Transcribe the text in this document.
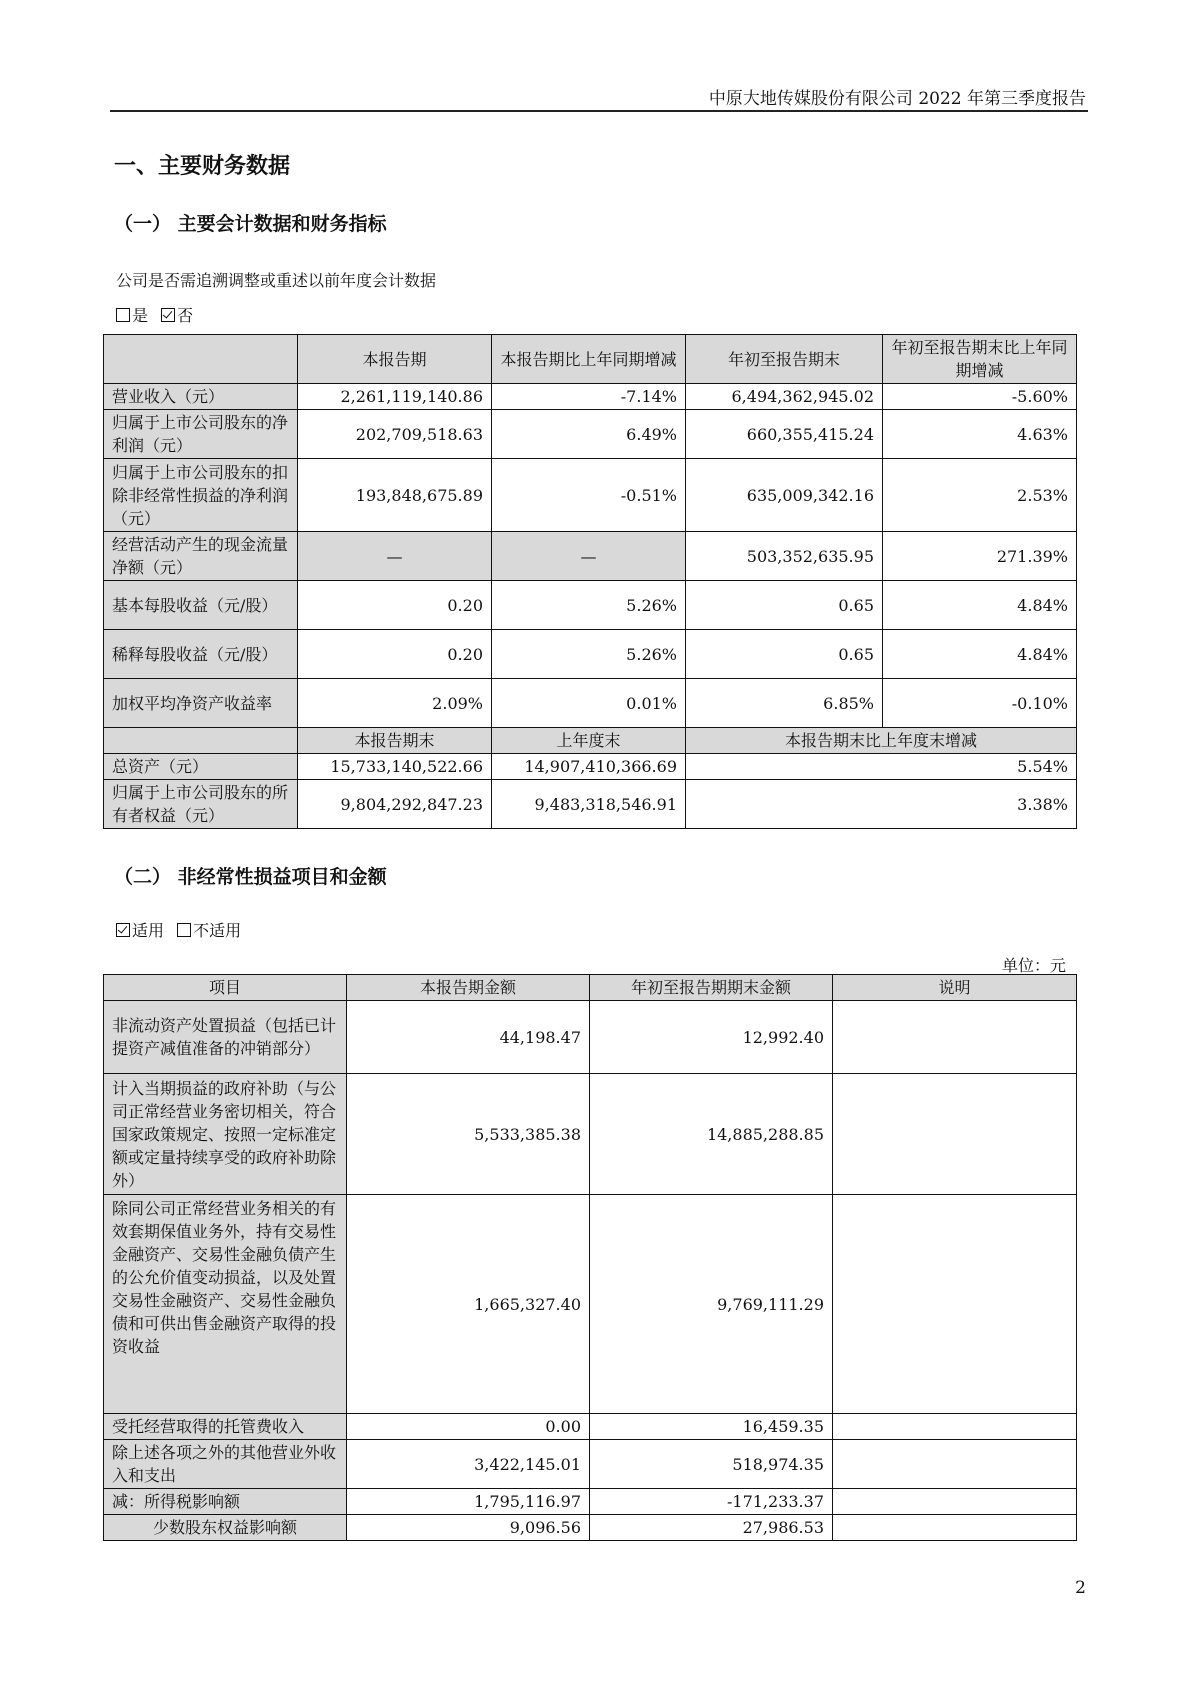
中原大地传媒股份有限公司 2022 年第三季度报告
一、主要财务数据
（一） 主要会计数据和财务指标
公司是否需追溯调整或重述以前年度会计数据
是 否
	本报告期	本报告期比上年同期增减	年初至报告期末	年初至报告期末比上年同期增减
营业收入（元）	2,261,119,140.86	-7.14%	6,494,362,945.02	-5.60%
归属于上市公司股东的净利润（元）	202,709,518.63	6.49%	660,355,415.24	4.63%
归属于上市公司股东的扣除非经常性损益的净利润（元）	193,848,675.89	-0.51%	635,009,342.16	2.53%
经营活动产生的现金流量净额（元）	—	—	503,352,635.95	271.39%
基本每股收益（元/股）	0.20	5.26%	0.65	4.84%
稀释每股收益（元/股）	0.20	5.26%	0.65	4.84%
加权平均净资产收益率	2.09%	0.01%	6.85%	-0.10%
	本报告期末	上年度末	本报告期末比上年度末增减	
总资产（元）	15,733,140,522.66	14,907,410,366.69	5.54%	
归属于上市公司股东的所有者权益（元）	9,804,292,847.23	9,483,318,546.91	3.38%	
（二） 非经常性损益项目和金额
适用 不适用
单位：元
项目	本报告期金额	年初至报告期期末金额	说明
非流动资产处置损益（包括已计提资产减值准备的冲销部分）	44,198.47	12,992.40	
计入当期损益的政府补助（与公司正常经营业务密切相关，符合国家政策规定、按照一定标准定额或定量持续享受的政府补助除外）	5,533,385.38	14,885,288.85	
除同公司正常经营业务相关的有效套期保值业务外，持有交易性金融资产、交易性金融负债产生的公允价值变动损益，以及处置交易性金融资产、交易性金融负债和可供出售金融资产取得的投资收益	1,665,327.40	9,769,111.29	
受托经营取得的托管费收入	0.00	16,459.35	
除上述各项之外的其他营业外收入和支出	3,422,145.01	518,974.35	
减：所得税影响额	1,795,116.97	-171,233.37	
少数股东权益影响额	9,096.56	27,986.53	
2
